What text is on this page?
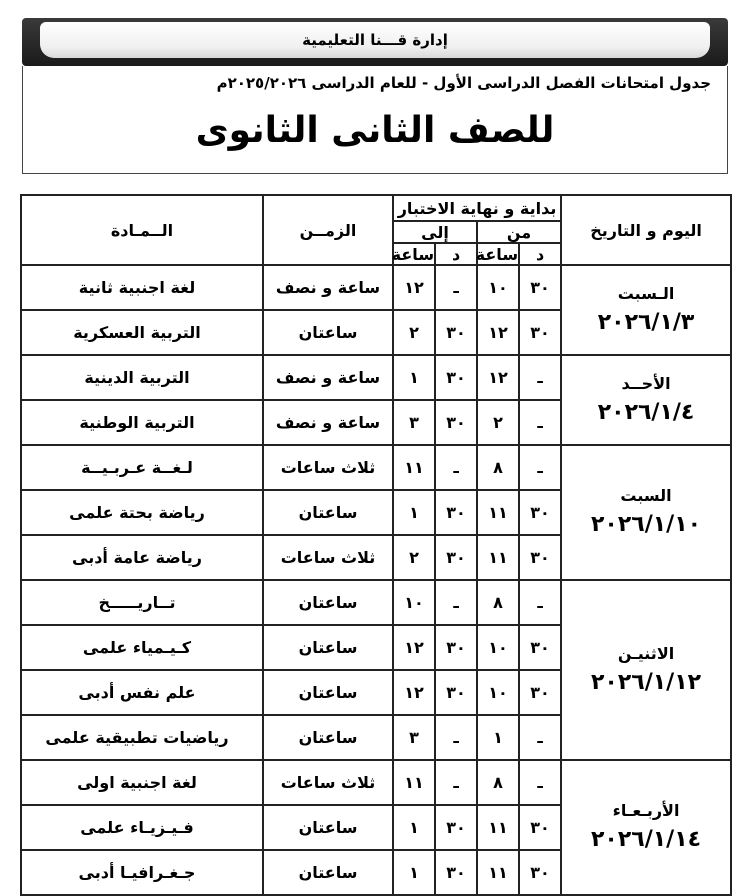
إدارة قـــنا التعليمية
جدول امتحانات الفصل الدراسى الأول - للعام الدراسى ٢٠٢٥/٢٠٢٦م
للصف الثانى الثانوى
اليوم و التاريخ	بداية و نهاية الاختبار				الزمــن	الــمـادة
	من		إلى			
	د	ساعة	د	ساعة		

الـسبت
٢٠٢٦/١/٣	٣٠	١٠	ـ	١٢	ساعة و نصف	لغة اجنبية ثانية
	٣٠	١٢	٣٠	٢	ساعتان	التربية العسكرية

الأحــد
٢٠٢٦/١/٤	ـ	١٢	٣٠	١	ساعة و نصف	التربية الدينية
	ـ	٢	٣٠	٣	ساعة و نصف	التربية الوطنية

السبت
٢٠٢٦/١/١٠	ـ	٨	ـ	١١	ثلاث ساعات	لـغــة عـربـيــة
	٣٠	١١	٣٠	١	ساعتان	رياضة بحتة علمى
	٣٠	١١	٣٠	٢	ثلاث ساعات	رياضة عامة أدبى

الاثنيـن
٢٠٢٦/١/١٢	ـ	٨	ـ	١٠	ساعتان	تــاريـــــخ
	٣٠	١٠	٣٠	١٢	ساعتان	كـيـمياء علمى
	٣٠	١٠	٣٠	١٢	ساعتان	علم نفس أدبى
	ـ	١	ـ	٣	ساعتان	رياضيات تطبيقية علمى

الأربـعـاء
٢٠٢٦/١/١٤	ـ	٨	ـ	١١	ثلاث ساعات	لغة اجنبية اولى
	٣٠	١١	٣٠	١	ساعتان	فـيـزيـاء علمى
	٣٠	١١	٣٠	١	ساعتان	جـغـرافيـا أدبى
